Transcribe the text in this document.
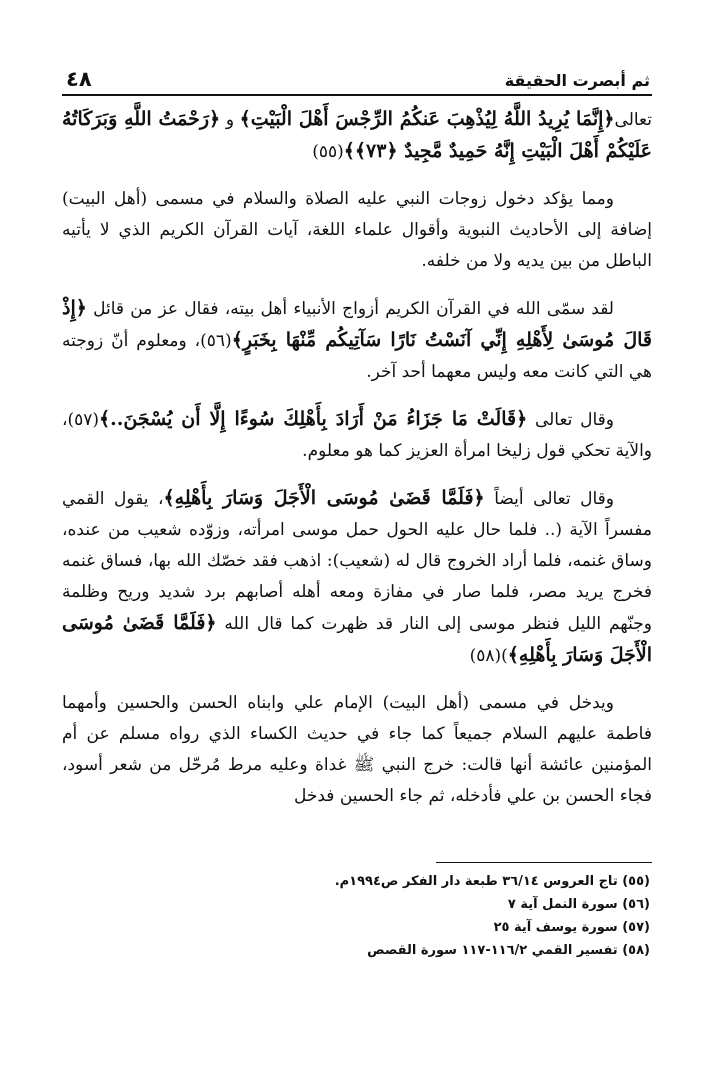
ثم أبصرت الحقيقة
٤٨

تعالى﴿إِنَّمَا يُرِيدُ اللَّهُ لِيُذْهِبَ عَنكُمُ الرِّجْسَ أَهْلَ الْبَيْتِ﴾ و ﴿رَحْمَتُ اللَّهِ وَبَرَكَاتُهُ عَلَيْكُمْ أَهْلَ الْبَيْتِ إِنَّهُ حَمِيدٌ مَّجِيدٌ ﴿٧٣﴾﴾(٥٥)

ومما يؤكد دخول زوجات النبي عليه الصلاة والسلام في مسمى (أهل البيت) إضافة إلى الأحاديث النبوية وأقوال علماء اللغة، آيات القرآن الكريم الذي لا يأتيه الباطل من بين يديه ولا من خلفه.

لقد سمّى الله في القرآن الكريم أزواج الأنبياء أهل بيته، فقال عز من قائل ﴿إِذْ قَالَ مُوسَىٰ لِأَهْلِهِ إِنِّي آنَسْتُ نَارًا سَآتِيكُم مِّنْهَا بِخَبَرٍ﴾(٥٦)، ومعلوم أنّ زوجته هي التي كانت معه وليس معهما أحد آخر.

وقال تعالى ﴿قَالَتْ مَا جَزَاءُ مَنْ أَرَادَ بِأَهْلِكَ سُوءًا إِلَّا أَن يُسْجَنَ..﴾(٥٧)، والآية تحكي قول زليخا امرأة العزيز كما هو معلوم.

وقال تعالى أيضاً ﴿فَلَمَّا قَضَىٰ مُوسَى الْأَجَلَ وَسَارَ بِأَهْلِهِ﴾، يقول القمي مفسراً الآية (.. فلما حال عليه الحول حمل موسى امرأته، وزوّده شعيب من عنده، وساق غنمه، فلما أراد الخروج قال له (شعيب): اذهب فقد خصّك الله بها، فساق غنمه فخرج يريد مصر، فلما صار في مفازة ومعه أهله أصابهم برد شديد وريح وظلمة وجنّهم الليل فنظر موسى إلى النار قد ظهرت كما قال الله ﴿فَلَمَّا قَضَىٰ مُوسَى الْأَجَلَ وَسَارَ بِأَهْلِهِ﴾)(٥٨)

ويدخل في مسمى (أهل البيت) الإمام علي وابناه الحسن والحسين وأمهما فاطمة عليهم السلام جميعاً كما جاء في حديث الكساء الذي رواه مسلم عن أم المؤمنين عائشة أنها قالت: خرج النبي ﷺ غداة وعليه مرط مُرحّل من شعر أسود، فجاء الحسن بن علي فأدخله، ثم جاء الحسين فدخل

(٥٥) تاج العروس ٣٦/١٤ طبعة دار الفكر ص١٩٩٤م.
(٥٦) سورة النمل آية ٧
(٥٧) سورة يوسف آية ٢٥
(٥٨) تفسير القمي ١١٦/٢-١١٧ سورة القصص
